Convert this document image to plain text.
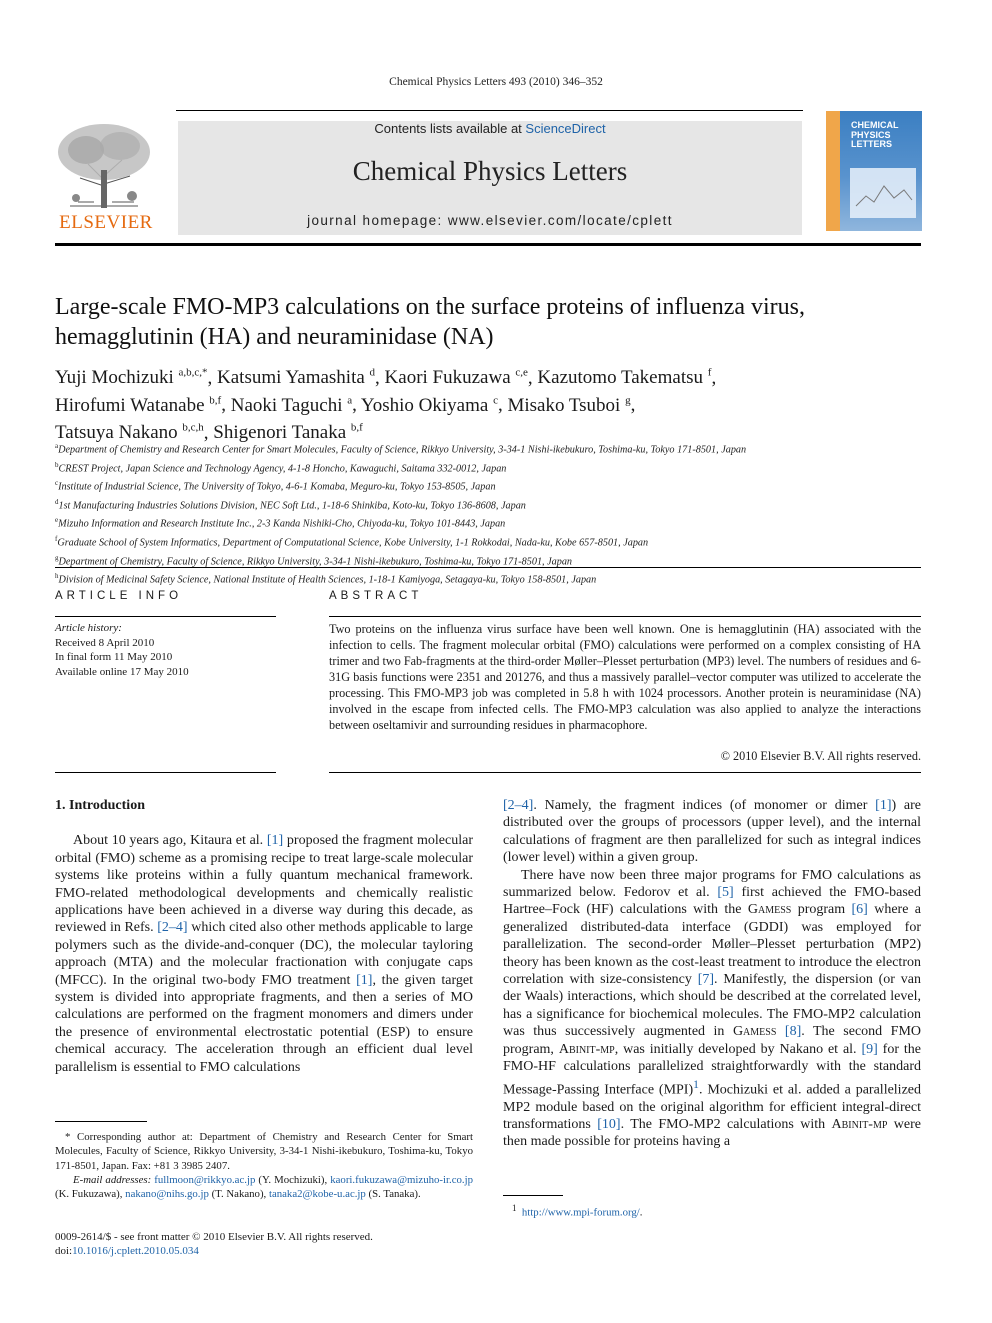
Chemical Physics Letters 493 (2010) 346–352
ELSEVIER
Contents lists available at ScienceDirect
Chemical Physics Letters
journal homepage: www.elsevier.com/locate/cplett
CHEMICAL
PHYSICS
LETTERS
Large-scale FMO-MP3 calculations on the surface proteins of influenza virus,
hemagglutinin (HA) and neuraminidase (NA)
Yuji Mochizuki $^{a,b,c,*}$, Katsumi Yamashita $^d$, Kaori Fukuzawa $^{c,e}$, Kazutomo Takematsu $^f$,
Hirofumi Watanabe $^{b,f}$, Naoki Taguchi $^a$, Yoshio Okiyama $^c$, Misako Tsuboi $^g$,
Tatsuya Nakano $^{b,c,h}$, Shigenori Tanaka $^{b,f}$
$^a$Department of Chemistry and Research Center for Smart Molecules, Faculty of Science, Rikkyo University, 3-34-1 Nishi-ikebukuro, Toshima-ku, Tokyo 171-8501, Japan
$^b$CREST Project, Japan Science and Technology Agency, 4-1-8 Honcho, Kawaguchi, Saitama 332-0012, Japan
$^c$Institute of Industrial Science, The University of Tokyo, 4-6-1 Komaba, Meguro-ku, Tokyo 153-8505, Japan
$^d$1st Manufacturing Industries Solutions Division, NEC Soft Ltd., 1-18-6 Shinkiba, Koto-ku, Tokyo 136-8608, Japan
$^e$Mizuho Information and Research Institute Inc., 2-3 Kanda Nishiki-Cho, Chiyoda-ku, Tokyo 101-8443, Japan
$^f$Graduate School of System Informatics, Department of Computational Science, Kobe University, 1-1 Rokkodai, Nada-ku, Kobe 657-8501, Japan
$^g$Department of Chemistry, Faculty of Science, Rikkyo University, 3-34-1 Nishi-ikebukuro, Toshima-ku, Tokyo 171-8501, Japan
$^h$Division of Medicinal Safety Science, National Institute of Health Sciences, 1-18-1 Kamiyoga, Setagaya-ku, Tokyo 158-8501, Japan
ARTICLE INFO	ABSTRACT
Article history:
Received 8 April 2010
In final form 11 May 2010
Available online 17 May 2010
Two proteins on the influenza virus surface have been well known. One is hemagglutinin (HA) associated with the infection to cells. The fragment molecular orbital (FMO) calculations were performed on a complex consisting of HA trimer and two Fab-fragments at the third-order Møller–Plesset perturbation (MP3) level. The numbers of residues and 6-31G basis functions were 2351 and 201276, and thus a massively parallel–vector computer was utilized to accelerate the processing. This FMO-MP3 job was completed in 5.8 h with 1024 processors. Another protein is neuraminidase (NA) involved in the escape from infected cells. The FMO-MP3 calculation was also applied to analyze the interactions between oseltamivir and surrounding residues in pharmacophore.
© 2010 Elsevier B.V. All rights reserved.
1. Introduction

About 10 years ago, Kitaura et al. [1] proposed the fragment molecular orbital (FMO) scheme as a promising recipe to treat large-scale molecular systems like proteins within a fully quantum mechanical framework. FMO-related methodological developments and chemically realistic applications have been achieved in a diverse way during this decade, as reviewed in Refs. [2–4] which cited also other methods applicable to large polymers such as the divide-and-conquer (DC), the molecular tayloring approach (MTA) and the molecular fractionation with conjugate caps (MFCC). In the original two-body FMO treatment [1], the given target system is divided into appropriate fragments, and then a series of MO calculations are performed on the fragment monomers and dimers under the presence of environmental electrostatic potential (ESP) to ensure chemical accuracy. The acceleration through an efficient dual level parallelism is essential to FMO calculations

* Corresponding author at: Department of Chemistry and Research Center for Smart Molecules, Faculty of Science, Rikkyo University, 3-34-1 Nishi-ikebukuro, Toshima-ku, Tokyo 171-8501, Japan. Fax: +81 3 3985 2407.
E-mail addresses: fullmoon@rikkyo.ac.jp (Y. Mochizuki), kaori.fukuzawa@mizuho-ir.co.jp (K. Fukuzawa), nakano@nihs.go.jp (T. Nakano), tanaka2@kobe-u.ac.jp (S. Tanaka).
0009-2614/$ - see front matter © 2010 Elsevier B.V. All rights reserved.
doi:10.1016/j.cplett.2010.05.034

[2–4]. Namely, the fragment indices (of monomer or dimer [1]) are distributed over the groups of processors (upper level), and the internal calculations of fragment are then parallelized for such as integral indices (lower level) within a given group.

There have now been three major programs for FMO calculations as summarized below. Fedorov et al. [5] first achieved the FMO-based Hartree–Fock (HF) calculations with the Gamess program [6] where a generalized distributed-data interface (GDDI) was employed for parallelization. The second-order Møller–Plesset perturbation (MP2) theory has been known as the cost-least treatment to introduce the electron correlation with size-consistency [7]. Manifestly, the dispersion (or van der Waals) interactions, which should be described at the correlated level, has a significance for biochemical molecules. The FMO-MP2 calculation was thus successively augmented in Gamess [8]. The second FMO program, Abinit-mp, was initially developed by Nakano et al. [9] for the FMO-HF calculations parallelized straightforwardly with the standard Message-Passing Interface (MPI)$^1$. Mochizuki et al. added a parallelized MP2 module based on the original algorithm for efficient integral-direct transformations [10]. The FMO-MP2 calculations with Abinit-mp were then made possible for proteins having a

$^1$ http://www.mpi-forum.org/.
